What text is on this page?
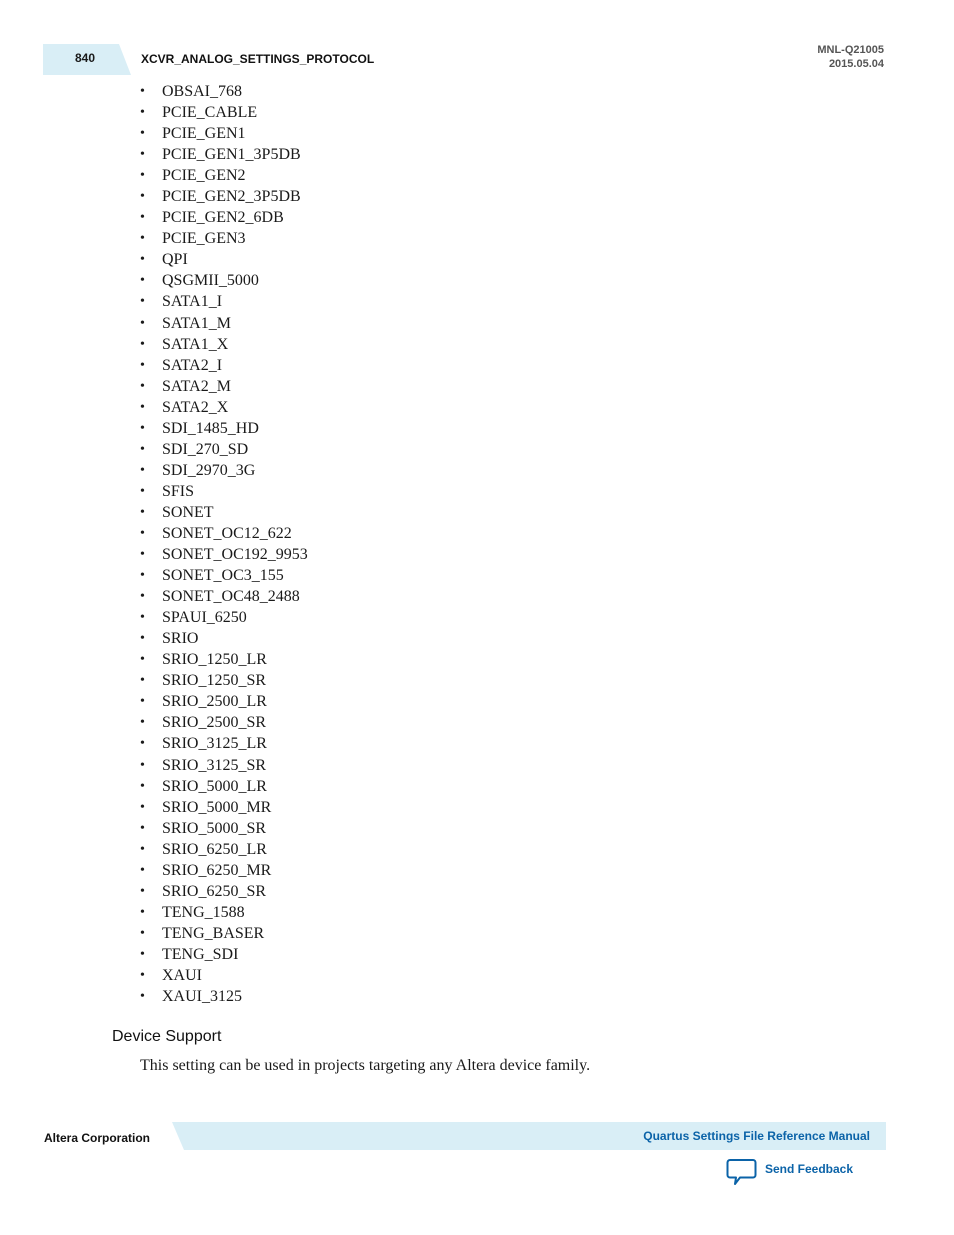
840	XCVR_ANALOG_SETTINGS_PROTOCOL
MNL-Q21005
2015.05.04
• OBSAI_768
• PCIE_CABLE
• PCIE_GEN1
• PCIE_GEN1_3P5DB
• PCIE_GEN2
• PCIE_GEN2_3P5DB
• PCIE_GEN2_6DB
• PCIE_GEN3
• QPI
• QSGMII_5000
• SATA1_I
• SATA1_M
• SATA1_X
• SATA2_I
• SATA2_M
• SATA2_X
• SDI_1485_HD
• SDI_270_SD
• SDI_2970_3G
• SFIS
• SONET
• SONET_OC12_622
• SONET_OC192_9953
• SONET_OC3_155
• SONET_OC48_2488
• SPAUI_6250
• SRIO
• SRIO_1250_LR
• SRIO_1250_SR
• SRIO_2500_LR
• SRIO_2500_SR
• SRIO_3125_LR
• SRIO_3125_SR
• SRIO_5000_LR
• SRIO_5000_MR
• SRIO_5000_SR
• SRIO_6250_LR
• SRIO_6250_MR
• SRIO_6250_SR
• TENG_1588
• TENG_BASER
• TENG_SDI
• XAUI
• XAUI_3125
Device Support
This setting can be used in projects targeting any Altera device family.
Altera Corporation	Quartus Settings File Reference Manual
Send Feedback
